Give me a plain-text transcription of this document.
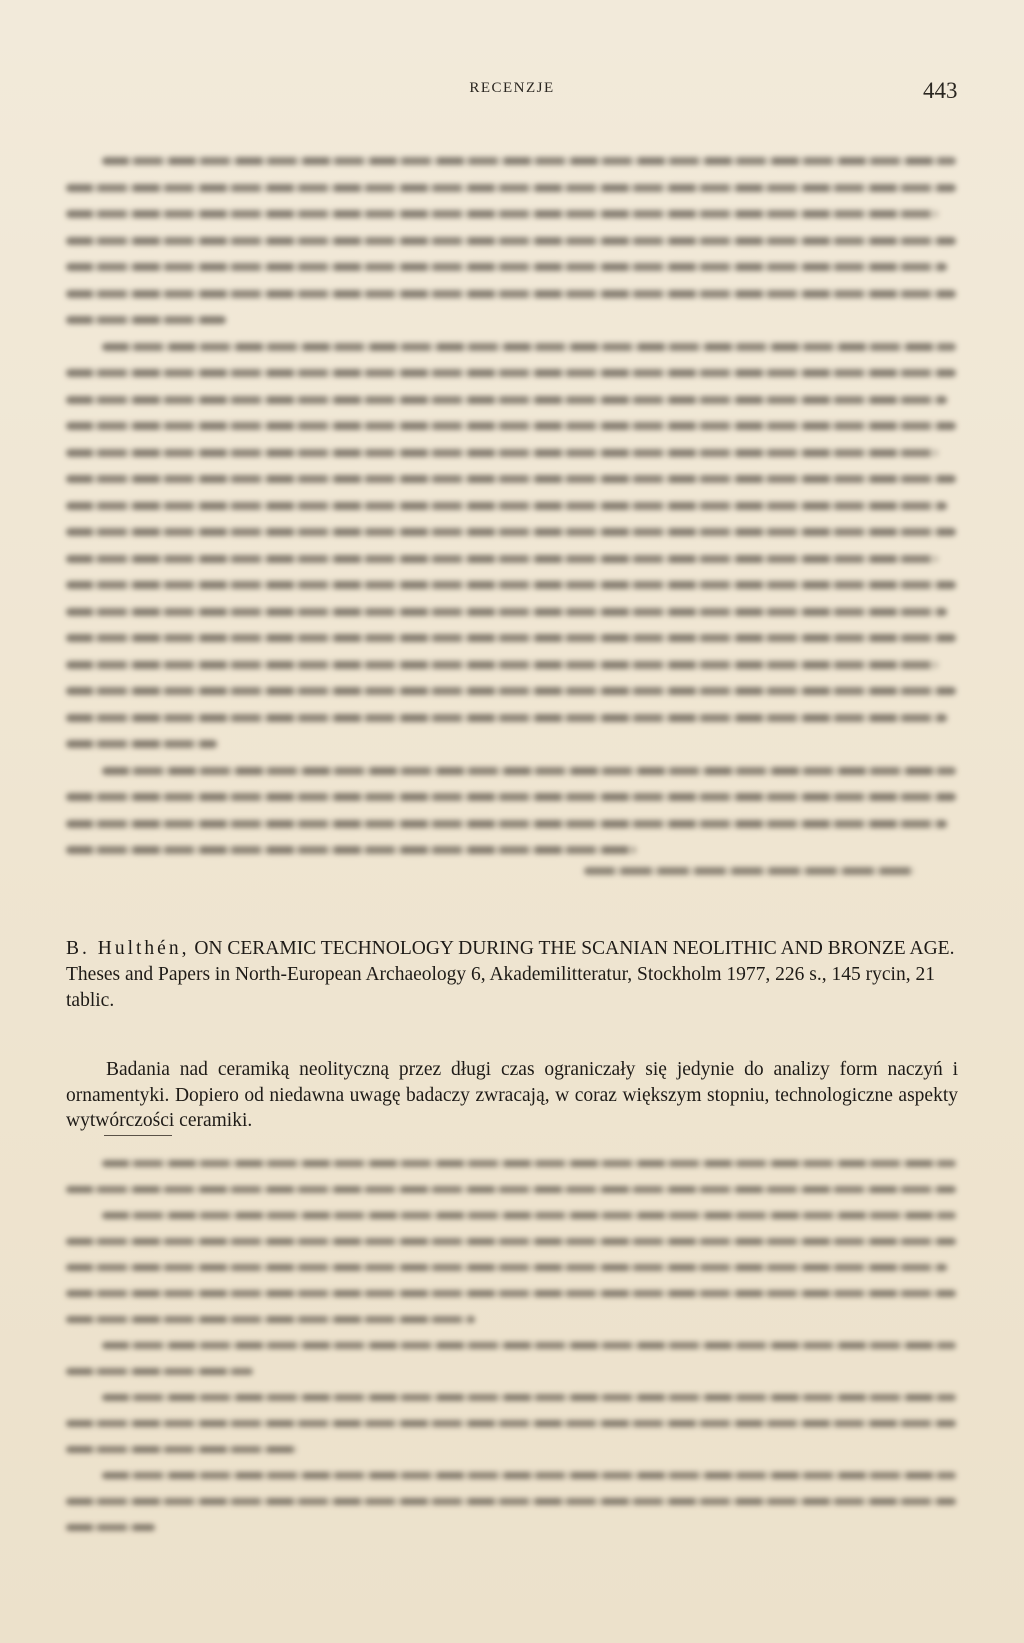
RECENZJE	443
B. Hulthén, ON CERAMIC TECHNOLOGY DURING THE SCANIAN NEOLITHIC AND BRONZE AGE. Theses and Papers in North-European Archaeology 6, Akademilitteratur, Stockholm 1977, 226 s., 145 rycin, 21 tablic.
Badania nad ceramiką neolityczną przez długi czas ograniczały się jedynie do analizy form naczyń i ornamentyki. Dopiero od niedawna uwagę badaczy zwracają, w coraz większym stopniu, technologiczne aspekty wytwórczości ceramiki.
